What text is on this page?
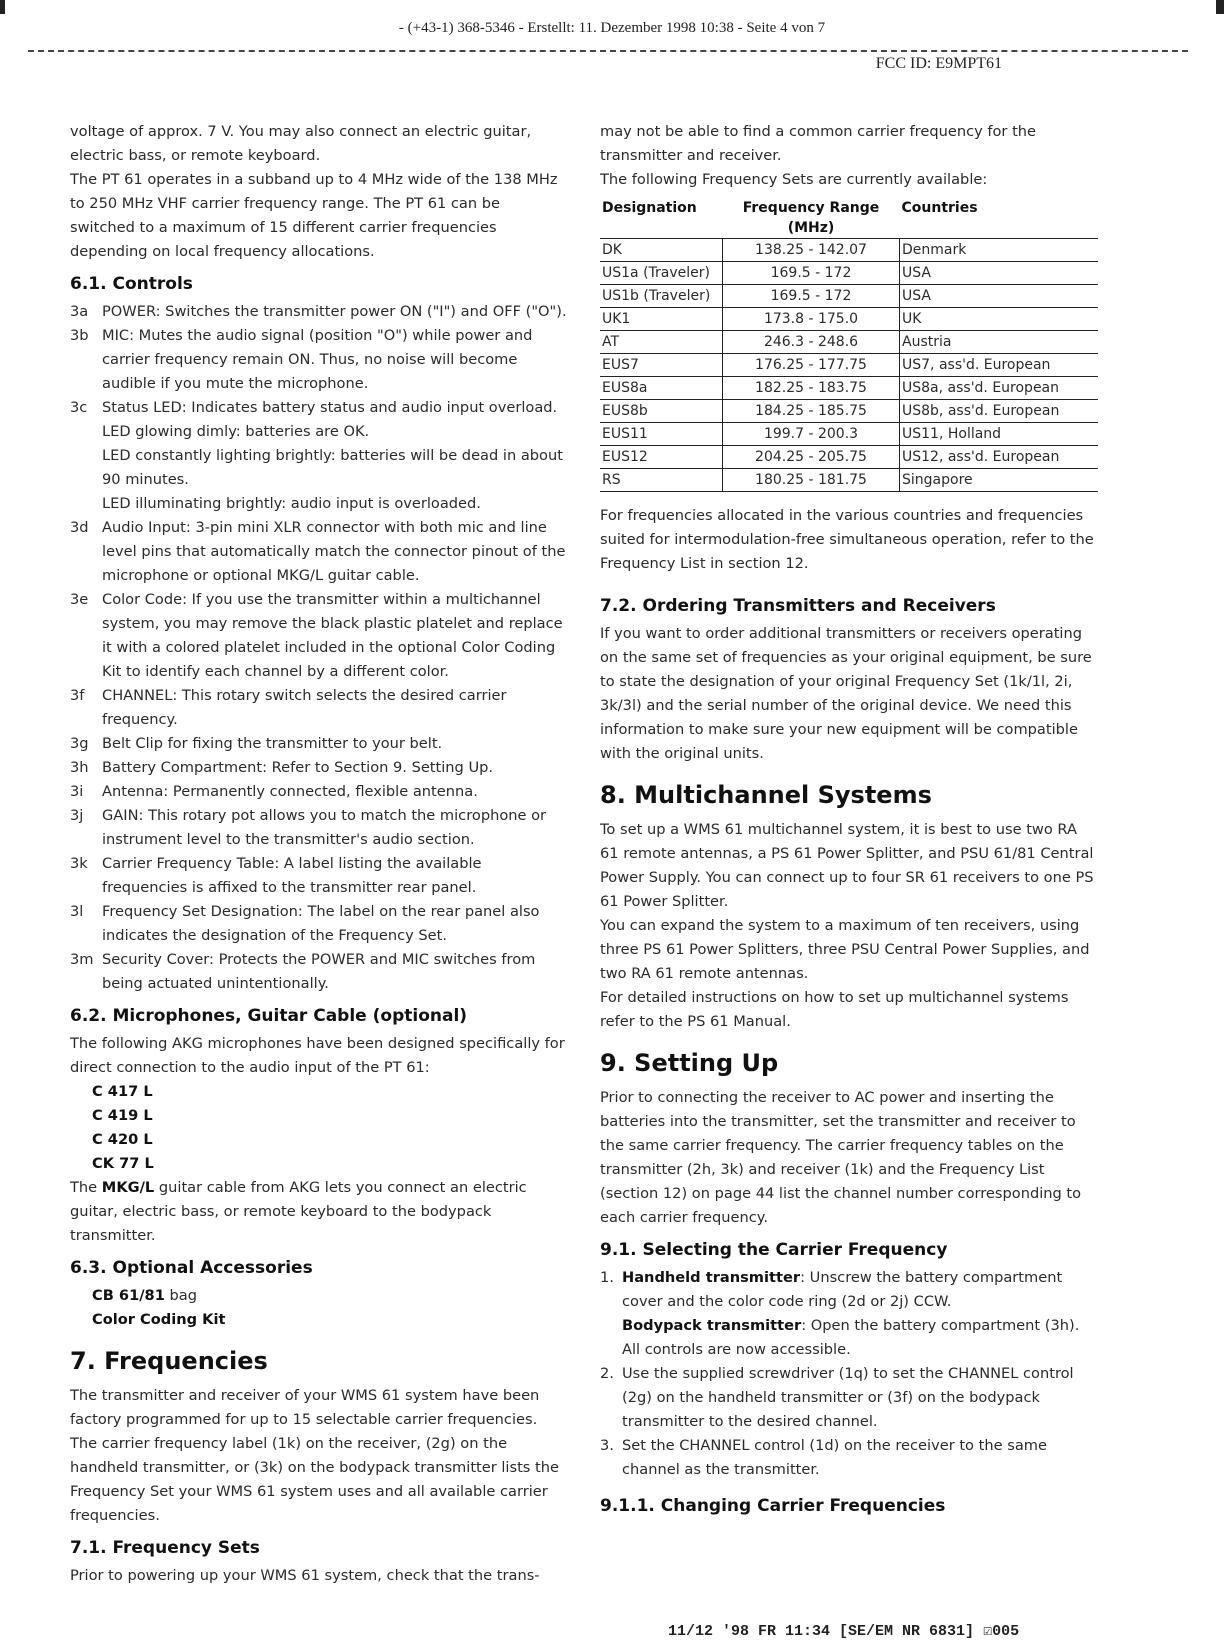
- (+43-1) 368-5346 - Erstellt: 11. Dezember 1998 10:38 - Seite 4 von 7
FCC ID: E9MPT61

voltage of approx. 7 V. You may also connect an electric guitar, electric bass, or remote keyboard.

The PT 61 operates in a subband up to 4 MHz wide of the 138 MHz to 250 MHz VHF carrier frequency range. The PT 61 can be switched to a maximum of 15 different carrier frequencies depending on local frequency allocations.

6.1. Controls
3a POWER: Switches the transmitter power ON ("I") and OFF ("O").
3b MIC: Mutes the audio signal (position "O") while power and carrier frequency remain ON. Thus, no noise will become audible if you mute the microphone.
3c	Status LED: Indicates battery status and audio input overload.
LED glowing dimly: batteries are OK.
LED constantly lighting brightly: batteries will be dead in about 90 minutes.
LED illuminating brightly: audio input is overloaded.
3d Audio Input: 3-pin mini XLR connector with both mic and line level pins that automatically match the connector pinout of the microphone or optional MKG/L guitar cable.
3e Color Code: If you use the transmitter within a multichannel system, you may remove the black plastic platelet and replace it with a colored platelet included in the optional Color Coding Kit to identify each channel by a different color.
3f	CHANNEL: This rotary switch selects the desired carrier frequency.
3g Belt Clip for fixing the transmitter to your belt.
3h Battery Compartment: Refer to Section 9. Setting Up.
3i	Antenna: Permanently connected, flexible antenna.
3j	GAIN: This rotary pot allows you to match the microphone or instrument level to the transmitter's audio section.
3k Carrier Frequency Table: A label listing the available frequencies is affixed to the transmitter rear panel.
3l	Frequency Set Designation: The label on the rear panel also indicates the designation of the Frequency Set.
3m Security Cover: Protects the POWER and MIC switches from being actuated unintentionally.
6.2. Microphones, Guitar Cable (optional)

The following AKG microphones have been designed specifically for direct connection to the audio input of the PT 61:

C 417 L
C 419 L
C 420 L
CK 77 L

The MKG/L guitar cable from AKG lets you connect an electric guitar, electric bass, or remote keyboard to the bodypack transmitter.

6.3. Optional Accessories
CB 61/81 bag
Color Coding Kit
7. Frequencies

The transmitter and receiver of your WMS 61 system have been factory programmed for up to 15 selectable carrier frequencies. The carrier frequency label (1k) on the receiver, (2g) on the handheld transmitter, or (3k) on the bodypack transmitter lists the Frequency Set your WMS 61 system uses and all available carrier frequencies.

7.1. Frequency Sets

Prior to powering up your WMS 61 system, check that the trans-

may not be able to find a common carrier frequency for the transmitter and receiver.

The following Frequency Sets are currently available:

Designation	Frequency Range (MHz)	Countries
DK	138.25 - 142.07	Denmark
US1a (Traveler)	169.5 - 172	USA
US1b (Traveler)	169.5 - 172	USA
UK1	173.8 - 175.0	UK
AT	246.3 - 248.6	Austria
EUS7	176.25 - 177.75	US7, ass'd. European
EUS8a	182.25 - 183.75	US8a, ass'd. European
EUS8b	184.25 - 185.75	US8b, ass'd. European
EUS11	199.7 - 200.3	US11, Holland
EUS12	204.25 - 205.75	US12, ass'd. European
RS	180.25 - 181.75	Singapore

For frequencies allocated in the various countries and frequencies suited for intermodulation-free simultaneous operation, refer to the Frequency List in section 12.

7.2. Ordering Transmitters and Receivers

If you want to order additional transmitters or receivers operating on the same set of frequencies as your original equipment, be sure to state the designation of your original Frequency Set (1k/1l, 2i, 3k/3l) and the serial number of the original device. We need this information to make sure your new equipment will be compatible with the original units.

8. Multichannel Systems

To set up a WMS 61 multichannel system, it is best to use two RA 61 remote antennas, a PS 61 Power Splitter, and PSU 61/81 Central Power Supply. You can connect up to four SR 61 receivers to one PS 61 Power Splitter.

You can expand the system to a maximum of ten receivers, using three PS 61 Power Splitters, three PSU Central Power Supplies, and two RA 61 remote antennas.

For detailed instructions on how to set up multichannel systems refer to the PS 61 Manual.

9. Setting Up

Prior to connecting the receiver to AC power and inserting the batteries into the transmitter, set the transmitter and receiver to the same carrier frequency. The carrier frequency tables on the transmitter (2h, 3k) and receiver (1k) and the Frequency List (section 12) on page 44 list the channel number corresponding to each carrier frequency.

9.1. Selecting the Carrier Frequency
1. Handheld transmitter: Unscrew the battery compartment cover and the color code ring (2d or 2j) CCW.
Bodypack transmitter: Open the battery compartment (3h).
All controls are now accessible.
2. Use the supplied screwdriver (1q) to set the CHANNEL control (2g) on the handheld transmitter or (3f) on the bodypack transmitter to the desired channel.
3. Set the CHANNEL control (1d) on the receiver to the same channel as the transmitter.
9.1.1. Changing Carrier Frequencies
11/12 '98 FR 11:34 [SE/EM NR 6831] ☑005
